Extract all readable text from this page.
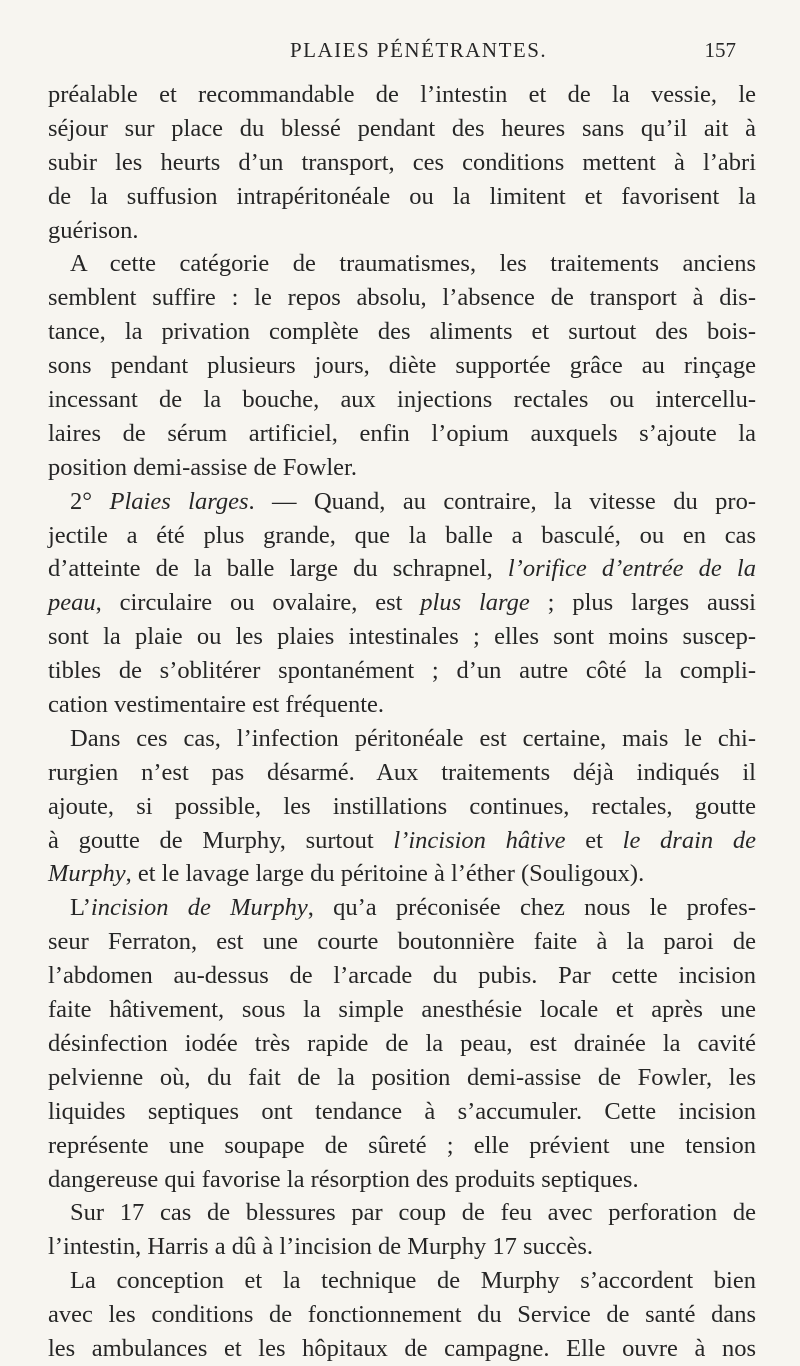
PLAIES PÉNÉTRANTES.	157
préalable et recommandable de l’intestin et de la vessie, le
séjour sur place du blessé pendant des heures sans qu’il ait à
subir les heurts d’un transport, ces conditions mettent à l’abri
de la suffusion intrapéritonéale ou la limitent et favorisent la
guérison.
A cette catégorie de traumatismes, les traitements anciens
semblent suffire : le repos absolu, l’absence de transport à dis-
tance, la privation complète des aliments et surtout des bois-
sons pendant plusieurs jours, diète supportée grâce au rinçage
incessant de la bouche, aux injections rectales ou intercellu-
laires de sérum artificiel, enfin l’opium auxquels s’ajoute la
position demi-assise de Fowler.
2° Plaies larges. — Quand, au contraire, la vitesse du pro-
jectile a été plus grande, que la balle a basculé, ou en cas
d’atteinte de la balle large du schrapnel, l’orifice d’entrée de la
peau, circulaire ou ovalaire, est plus large ; plus larges aussi
sont la plaie ou les plaies intestinales ; elles sont moins suscep-
tibles de s’oblitérer spontanément ; d’un autre côté la compli-
cation vestimentaire est fréquente.
Dans ces cas, l’infection péritonéale est certaine, mais le chi-
rurgien n’est pas désarmé. Aux traitements déjà indiqués il
ajoute, si possible, les instillations continues, rectales, goutte
à goutte de Murphy, surtout l’incision hâtive et le drain de
Murphy, et le lavage large du péritoine à l’éther (Souligoux).
L’incision de Murphy, qu’a préconisée chez nous le profes-
seur Ferraton, est une courte boutonnière faite à la paroi de
l’abdomen au-dessus de l’arcade du pubis. Par cette incision
faite hâtivement, sous la simple anesthésie locale et après une
désinfection iodée très rapide de la peau, est drainée la cavité
pelvienne où, du fait de la position demi-assise de Fowler, les
liquides septiques ont tendance à s’accumuler. Cette incision
représente une soupape de sûreté ; elle prévient une tension
dangereuse qui favorise la résorption des produits septiques.
Sur 17 cas de blessures par coup de feu avec perforation de
l’intestin, Harris a dû à l’incision de Murphy 17 succès.
La conception et la technique de Murphy s’accordent bien
avec les conditions de fonctionnement du Service de santé dans
les ambulances et les hôpitaux de campagne. Elle ouvre à nos
